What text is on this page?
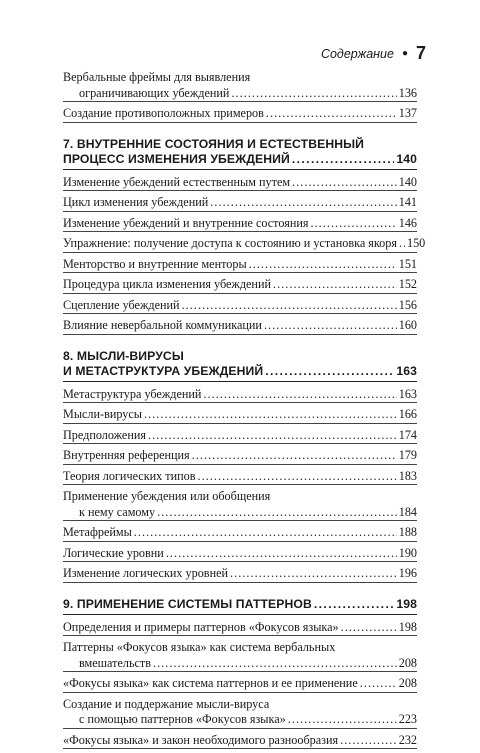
Содержание ● 7
Вербальные фреймы для выявления
ограничивающих убеждений . . .	136
Создание противоположных примеров . . .	137
7. ВНУТРЕННИЕ СОСТОЯНИЯ И ЕСТЕСТВЕННЫЙ
ПРОЦЕСС ИЗМЕНЕНИЯ УБЕЖДЕНИЙ . . .	140
Изменение убеждений естественным путем . . .	140
Цикл изменения убеждений . . .	141
Изменение убеждений и внутренние состояния . . .	146
Упражнение: получение доступа к состоянию и установка якоря . . . 150
Менторство и внутренние менторы . . .	151
Процедура цикла изменения убеждений . . .	152
Сцепление убеждений . . .	156
Влияние невербальной коммуникации . . .	160
8. МЫСЛИ-ВИРУСЫ
И МЕТАСТРУКТУРА УБЕЖДЕНИЙ . . .	163
Метаструктура убеждений . . .	163
Мысли-вирусы . . .	166
Предположения . . .	174
Внутренняя референция . . .	179
Теория логических типов . . .	183
Применение убеждения или обобщения
к нему самому . . .	184
Метафреймы . . .	188
Логические уровни . . .	190
Изменение логических уровней . . .	196
9. ПРИМЕНЕНИЕ СИСТЕМЫ ПАТТЕРНОВ . . .	198
Определения и примеры паттернов «Фокусов языка» . . .	198
Паттерны «Фокусов языка» как система вербальных
вмешательств . . .	208
«Фокусы языка» как система паттернов и ее применение . . .	208
Создание и поддержание мысли-вируса
с помощью паттернов «Фокусов языка» . . .	223
«Фокусы языка» и закон необходимого разнообразия . . .	232
